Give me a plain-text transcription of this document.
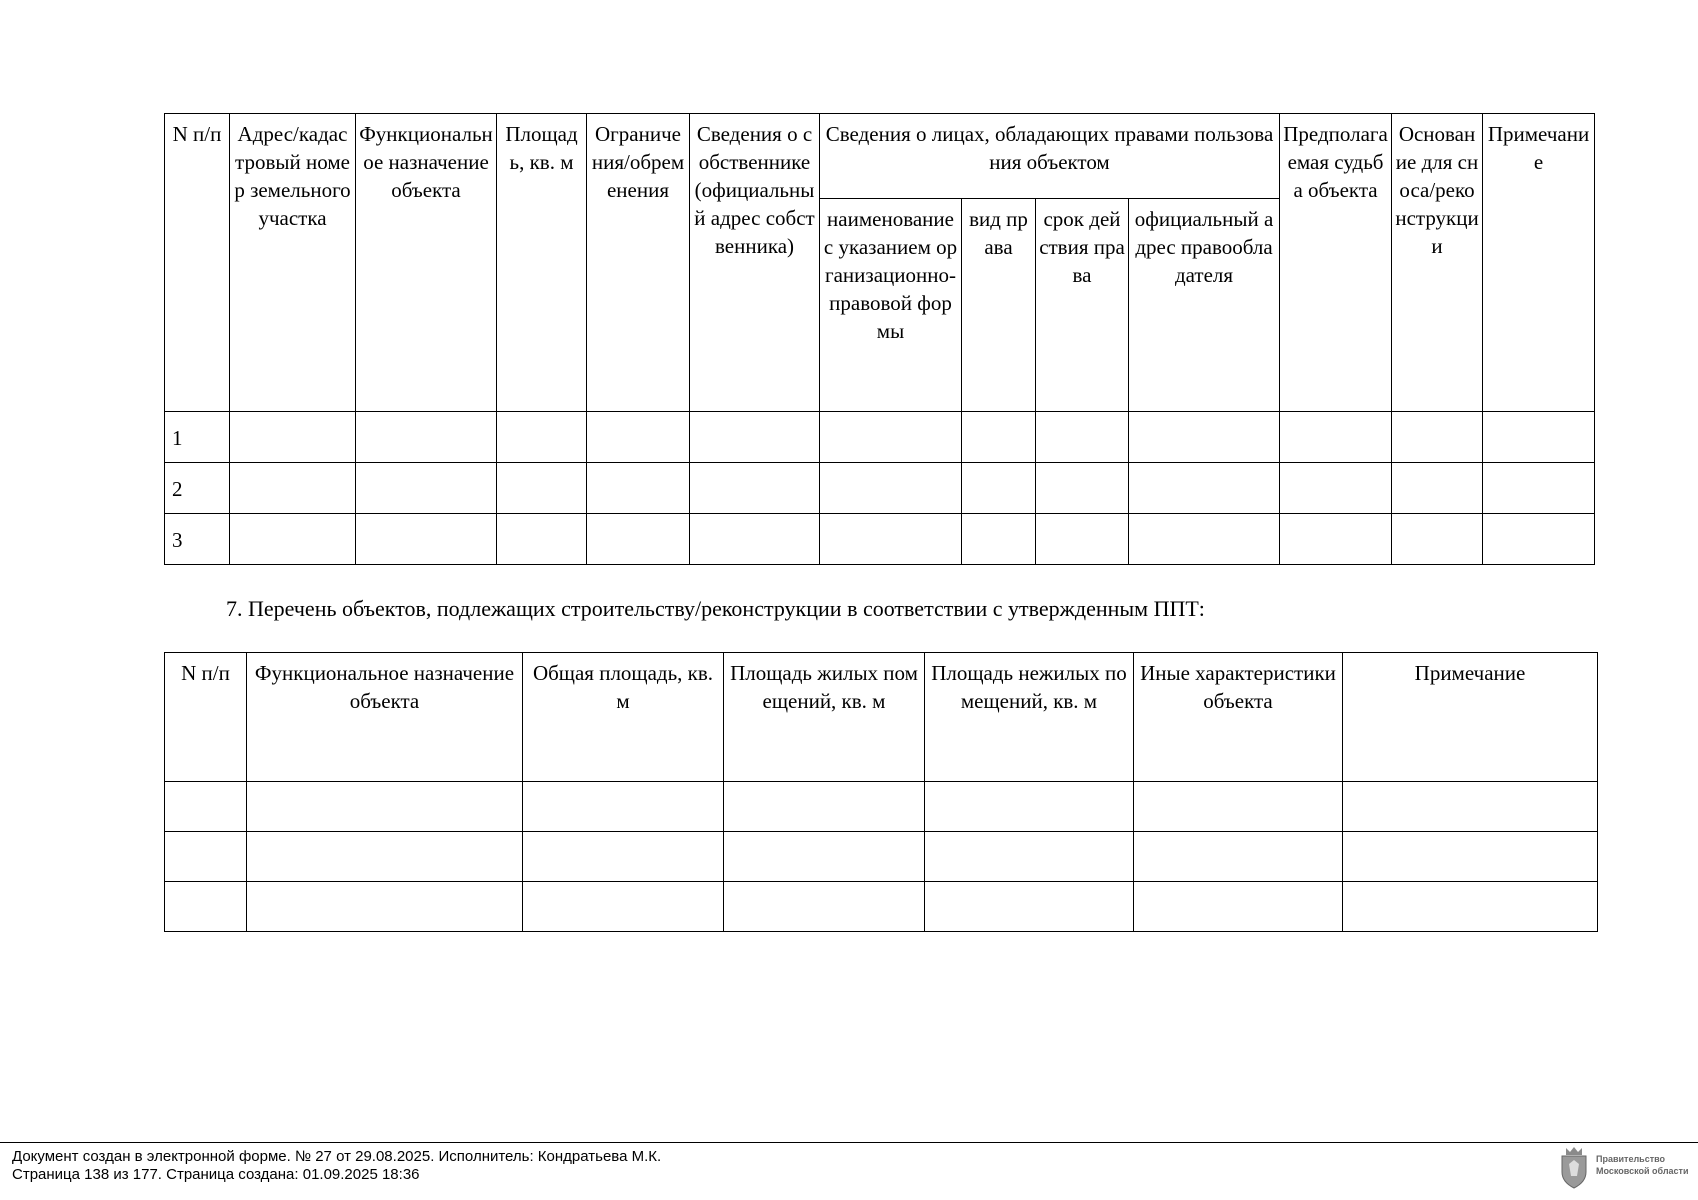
N п/п	Адрес/кадастровый номер земельного участка	Функциональное назначение объекта	Площадь, кв. м	Ограничения/обременения	Сведения о собственнике (официальный адрес собственника)	Сведения о лицах, обладающих правами пользования объектом				Предполагаемая судьба объекта	Основание для сноса/реконструкции	Примечание
						наименование с указанием организационно-правовой формы	вид права	срок действия права	официальный адрес правообладателя			
1												
2												
3												

7. Перечень объектов, подлежащих строительству/реконструкции в соответствии с утвержденным ППТ:

N п/п	Функциональное назначение объекта	Общая площадь, кв. м	Площадь жилых помещений, кв. м	Площадь нежилых помещений, кв. м	Иные характеристики объекта	Примечание

Документ создан в электронной форме. № 27 от 29.08.2025. Исполнитель: Кондратьева М.К.
Страница 138 из 177. Страница создана: 01.09.2025 18:36
Правительство
Московской области
